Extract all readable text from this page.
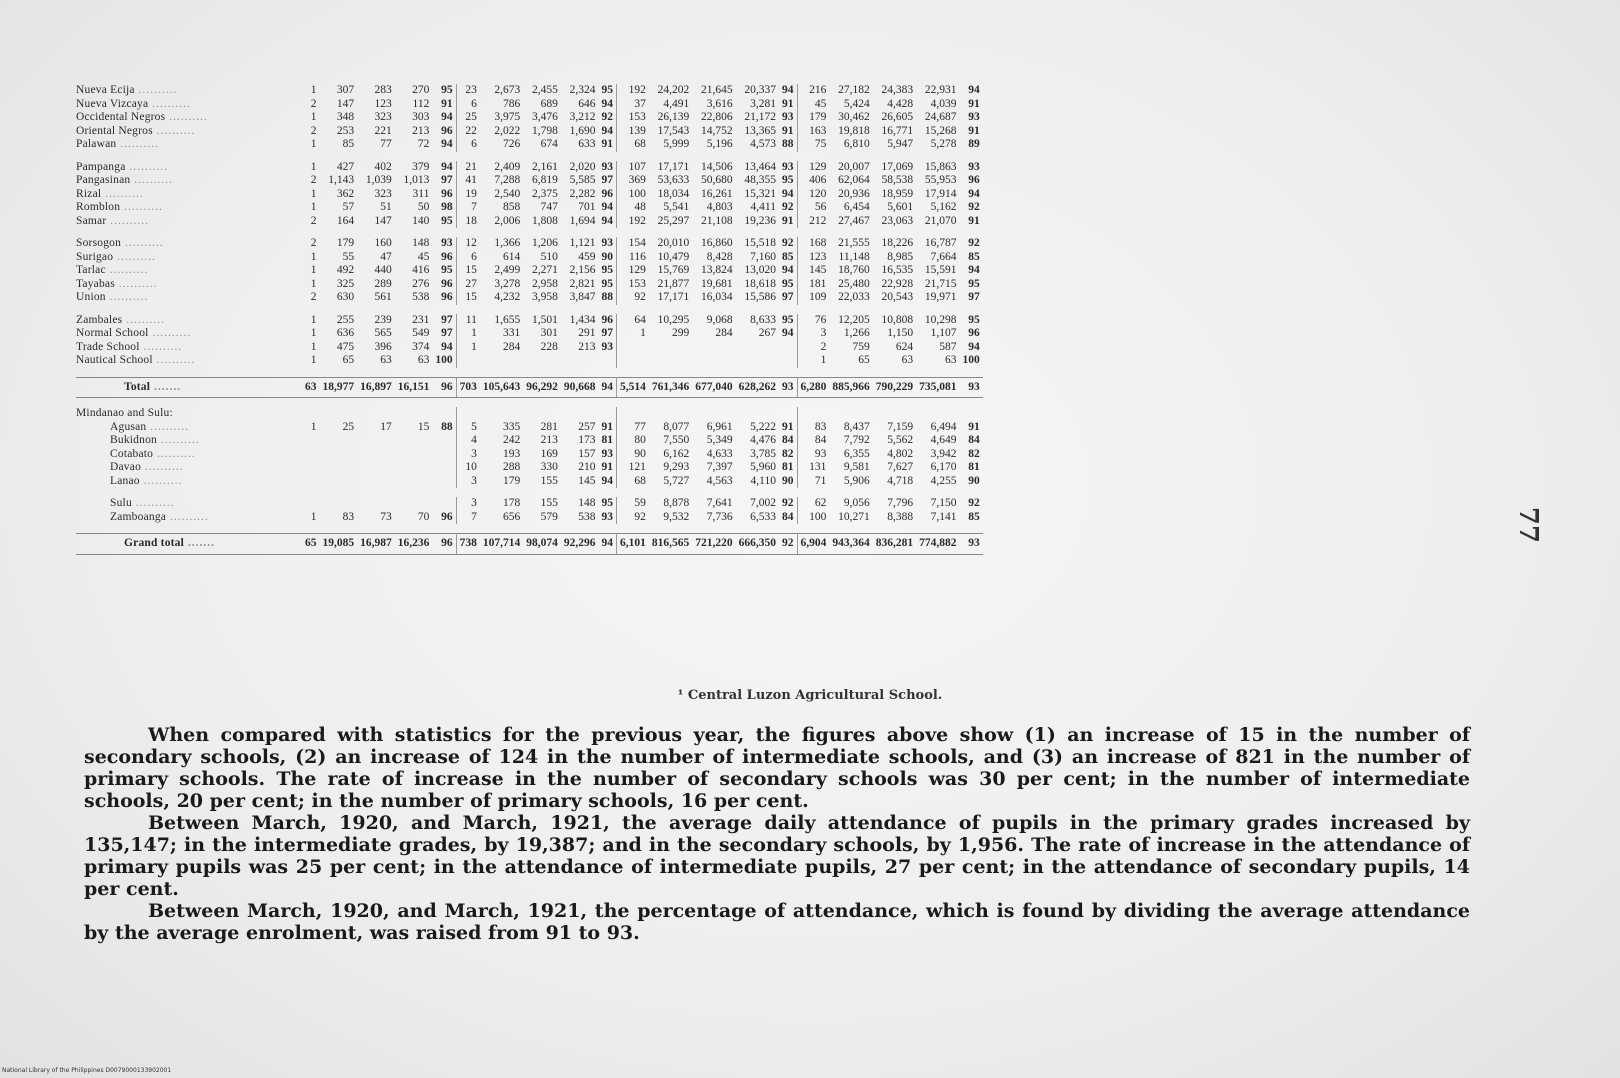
Nueva Ecija ..........	1	307	283	270	95	23	2,673	2,455	2,324	95	192	24,202	21,645	20,337	94	216	27,182	24,383	22,931	94
Nueva Vizcaya ..........	2	147	123	112	91	6	786	689	646	94	37	4,491	3,616	3,281	91	45	5,424	4,428	4,039	91
Occidental Negros ..........	1	348	323	303	94	25	3,975	3,476	3,212	92	153	26,139	22,806	21,172	93	179	30,462	26,605	24,687	93
Oriental Negros ..........	2	253	221	213	96	22	2,022	1,798	1,690	94	139	17,543	14,752	13,365	91	163	19,818	16,771	15,268	91
Palawan ..........	1	85	77	72	94	6	726	674	633	91	68	5,999	5,196	4,573	88	75	6,810	5,947	5,278	89

Pampanga ..........	1	427	402	379	94	21	2,409	2,161	2,020	93	107	17,171	14,506	13,464	93	129	20,007	17,069	15,863	93
Pangasinan ..........	2	1,143	1,039	1,013	97	41	7,288	6,819	5,585	97	369	53,633	50,680	48,355	95	406	62,064	58,538	55,953	96
Rizal ..........	1	362	323	311	96	19	2,540	2,375	2,282	96	100	18,034	16,261	15,321	94	120	20,936	18,959	17,914	94
Romblon ..........	1	57	51	50	98	7	858	747	701	94	48	5,541	4,803	4,411	92	56	6,454	5,601	5,162	92
Samar ..........	2	164	147	140	95	18	2,006	1,808	1,694	94	192	25,297	21,108	19,236	91	212	27,467	23,063	21,070	91

Sorsogon ..........	2	179	160	148	93	12	1,366	1,206	1,121	93	154	20,010	16,860	15,518	92	168	21,555	18,226	16,787	92
Surigao ..........	1	55	47	45	96	6	614	510	459	90	116	10,479	8,428	7,160	85	123	11,148	8,985	7,664	85
Tarlac ..........	1	492	440	416	95	15	2,499	2,271	2,156	95	129	15,769	13,824	13,020	94	145	18,760	16,535	15,591	94
Tayabas ..........	1	325	289	276	96	27	3,278	2,958	2,821	95	153	21,877	19,681	18,618	95	181	25,480	22,928	21,715	95
Union ..........	2	630	561	538	96	15	4,232	3,958	3,847	88	92	17,171	16,034	15,586	97	109	22,033	20,543	19,971	97

Zambales ..........	1	255	239	231	97	11	1,655	1,501	1,434	96	64	10,295	9,068	8,633	95	76	12,205	10,808	10,298	95
Normal School ..........	1	636	565	549	97	1	331	301	291	97	1	299	284	267	94	3	1,266	1,150	1,107	96
Trade School ..........	1	475	396	374	94	1	284	228	213	93						2	759	624	587	94
Nautical School ..........	1	65	63	63	100											1	65	63	63	100

Total .......	63	18,977	16,897	16,151	96	703	105,643	96,292	90,668	94	5,514	761,346	677,040	628,262	93	6,280	885,966	790,229	735,081	93

Mindanao and Sulu:																				
Agusan ..........	1	25	17	15	88	5	335	281	257	91	77	8,077	6,961	5,222	91	83	8,437	7,159	6,494	91
Bukidnon ..........						4	242	213	173	81	80	7,550	5,349	4,476	84	84	7,792	5,562	4,649	84
Cotabato ..........						3	193	169	157	93	90	6,162	4,633	3,785	82	93	6,355	4,802	3,942	82
Davao ..........						10	288	330	210	91	121	9,293	7,397	5,960	81	131	9,581	7,627	6,170	81
Lanao ..........						3	179	155	145	94	68	5,727	4,563	4,110	90	71	5,906	4,718	4,255	90

Sulu ..........						3	178	155	148	95	59	8,878	7,641	7,002	92	62	9,056	7,796	7,150	92
Zamboanga ..........	1	83	73	70	96	7	656	579	538	93	92	9,532	7,736	6,533	84	100	10,271	8,388	7,141	85

Grand total .......	65	19,085	16,987	16,236	96	738	107,714	98,074	92,296	94	6,101	816,565	721,220	666,350	92	6,904	943,364	836,281	774,882	93
¹ Central Luzon Agricultural School.

When compared with statistics for the previous year, the figures above show (1) an increase of 15 in the number of secondary schools, (2) an increase of 124 in the number of intermediate schools, and (3) an increase of 821 in the number of primary schools. The rate of increase in the number of secondary schools was 30 per cent; in the number of intermediate schools, 20 per cent; in the number of primary schools, 16 per cent.

Between March, 1920, and March, 1921, the average daily attendance of pupils in the primary grades increased by 135,147; in the intermediate grades, by 19,387; and in the secondary schools, by 1,956. The rate of increase in the attendance of primary pupils was 25 per cent; in the attendance of intermediate pupils, 27 per cent; in the attendance of secondary pupils, 14 per cent.

Between March, 1920, and March, 1921, the percentage of attendance, which is found by dividing the average attendance by the average enrolment, was raised from 91 to 93.

77
National Library of the Philippines D0079000133902001
